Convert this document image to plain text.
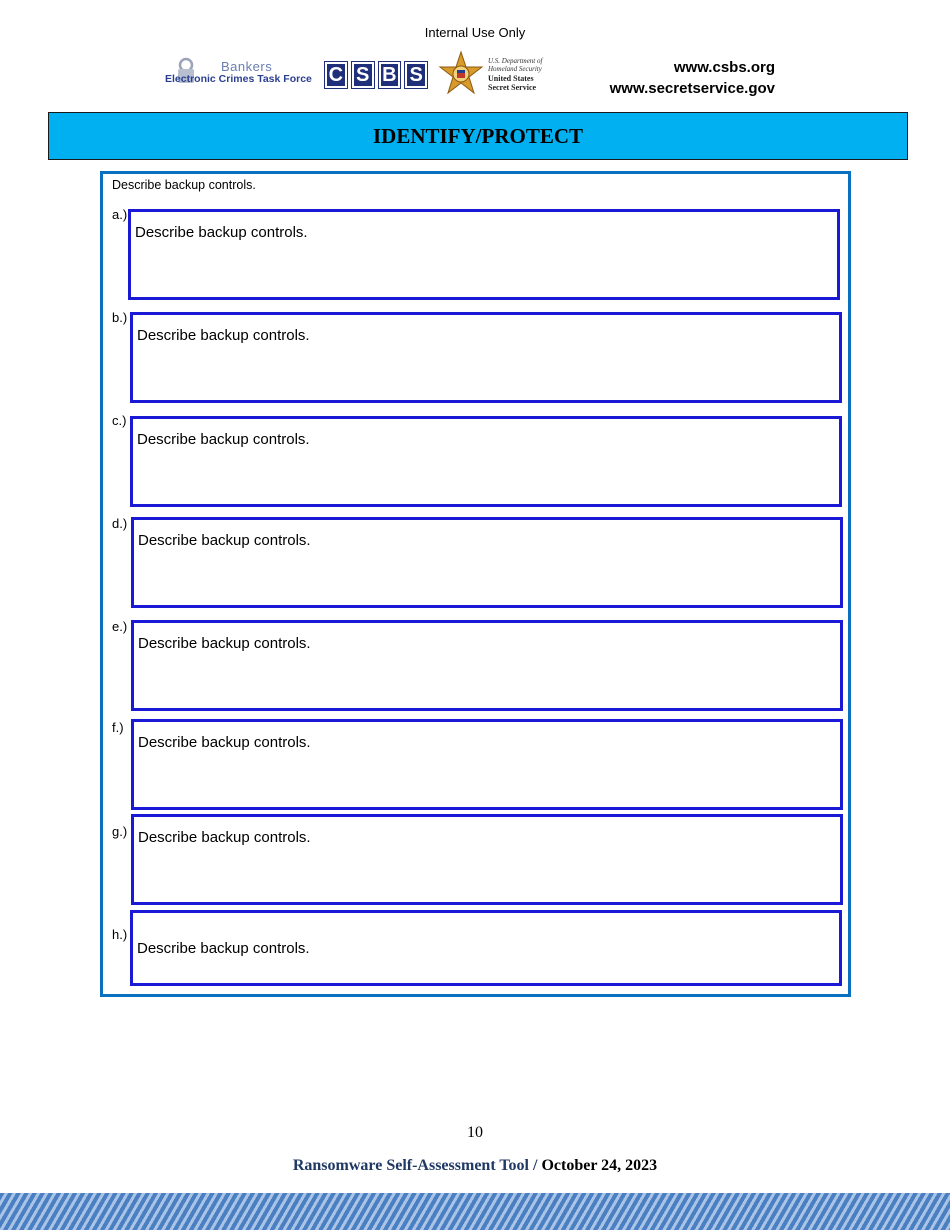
Internal Use Only
Bankers
Electronic Crimes Task Force C S B S
U.S. Department of Homeland Security
United States Secret Service
www.csbs.org
www.secretservice.gov
IDENTIFY/PROTECT
Describe backup controls.
a.)
Describe backup controls.
b.)
Describe backup controls.
c.)
Describe backup controls.
d.)
Describe backup controls.
e.)
Describe backup controls.
f.)
Describe backup controls.
g.) Describe backup controls.
h.)
Describe backup controls.
10
Ransomware Self-Assessment Tool / October 24, 2023
